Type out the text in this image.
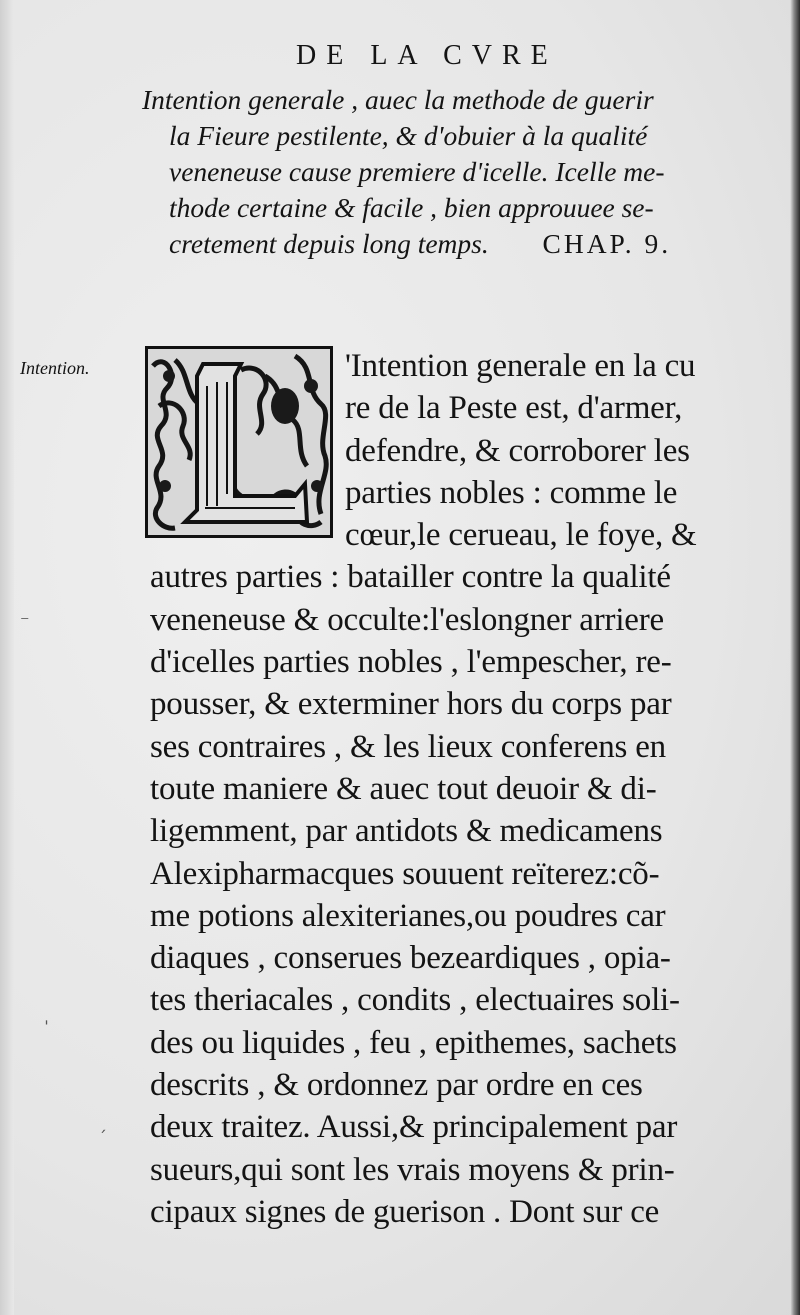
DE LA CVRE
Intention generale , auec la methode de guerir
la Fieure pestilente, & d'obuier à la qualité
veneneuse cause premiere d'icelle. Icelle me-
thode certaine & facile , bien approuuee se-
cretement depuis long temps. CHAP. 9.
Intention.	'Intention generale en la cu
re de la Peste est, d'armer,
defendre, & corroborer les
parties nobles : comme le
cœur,le cerueau, le foye, &
autres parties : batailler contre la qualité
veneneuse & occulte:l'eslongner arriere
d'icelles parties nobles , l'empescher, re-
pousser, & exterminer hors du corps par
ses contraires , & les lieux conferens en
toute maniere & auec tout deuoir & di-
ligemment, par antidots & medicamens
Alexipharmacques souuent reïterez:cõ-
me potions alexiterianes,ou poudres car
diaques , conserues bezeardiques , opia-
tes theriacales , condits , electuaires soli-
des ou liquides , feu , epithemes, sachets
descrits , & ordonnez par ordre en ces
deux traitez. Aussi,& principalement par
sueurs,qui sont les vrais moyens & prin-
cipaux signes de guerison . Dont sur ce
⁻
ˈ
ˊ
